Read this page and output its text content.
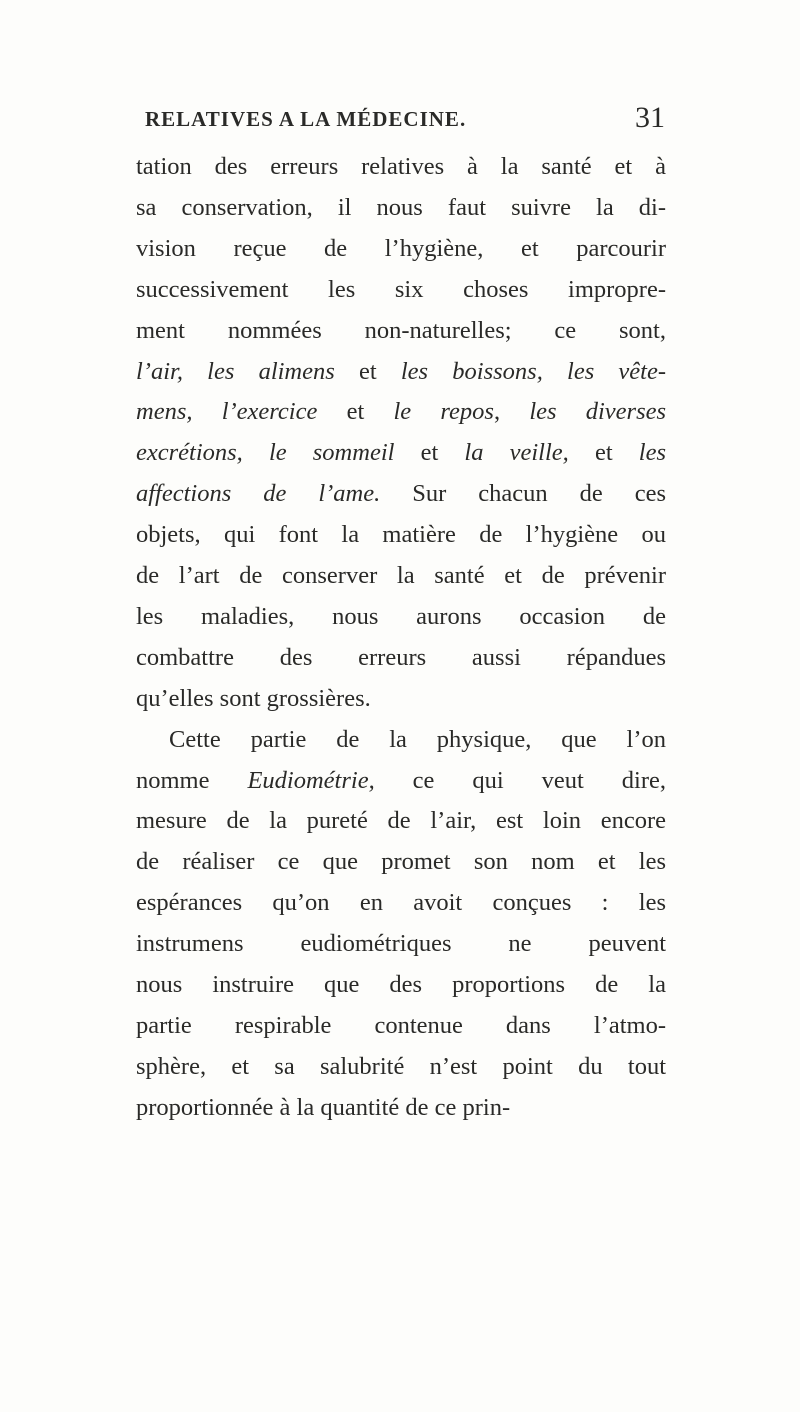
RELATIVES A LA MÉDECINE.	31
tation des erreurs relatives à la santé et à
sa conservation, il nous faut suivre la di-
vision reçue de l’hygiène, et parcourir
successivement les six choses impropre-
ment nommées non-naturelles; ce sont,
l’air, les alimens et les boissons, les vête-
mens, l’exercice et le repos, les diverses
excrétions, le sommeil et la veille, et les
affections de l’ame. Sur chacun de ces
objets, qui font la matière de l’hygiène ou
de l’art de conserver la santé et de prévenir
les maladies, nous aurons occasion de
combattre des erreurs aussi répandues
qu’elles sont grossières.
Cette partie de la physique, que l’on
nomme Eudiométrie, ce qui veut dire,
mesure de la pureté de l’air, est loin encore
de réaliser ce que promet son nom et les
espérances qu’on en avoit conçues : les
instrumens eudiométriques ne peuvent
nous instruire que des proportions de la
partie respirable contenue dans l’atmo-
sphère, et sa salubrité n’est point du tout
proportionnée à la quantité de ce prin-
